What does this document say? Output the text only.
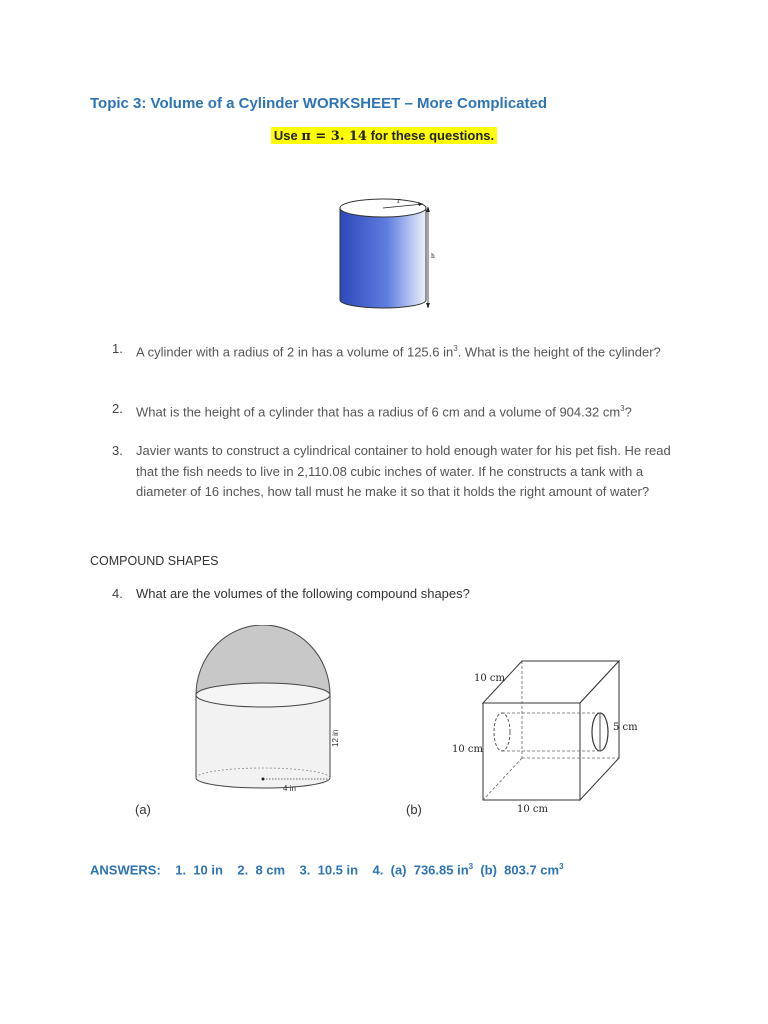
Topic 3: Volume of a Cylinder WORKSHEET – More Complicated
Use π = 3. 14 for these questions.
r
h
1.	A cylinder with a radius of 2 in has a volume of 125.6 $in^3$. What is the height of the cylinder?
2.	What is the height of a cylinder that has a radius of 6 cm and a volume of 904.32 $cm^3$?
3.	Javier wants to construct a cylindrical container to hold enough water for his pet fish. He read that the fish needs to live in 2,110.08 cubic inches of water. If he constructs a tank with a diameter of 16 inches, how tall must he make it so that it holds the right amount of water?
COMPOUND SHAPES
4.	What are the volumes of the following compound shapes?
4 in
12 in
(a)
10 cm
10 cm
10 cm
5 cm
(b)
ANSWERS: 1.  10 in 2.  8 cm 3.  10.5 in 4.  (a)  736.85 $in^3$ (b)  803.7 $cm^3$
